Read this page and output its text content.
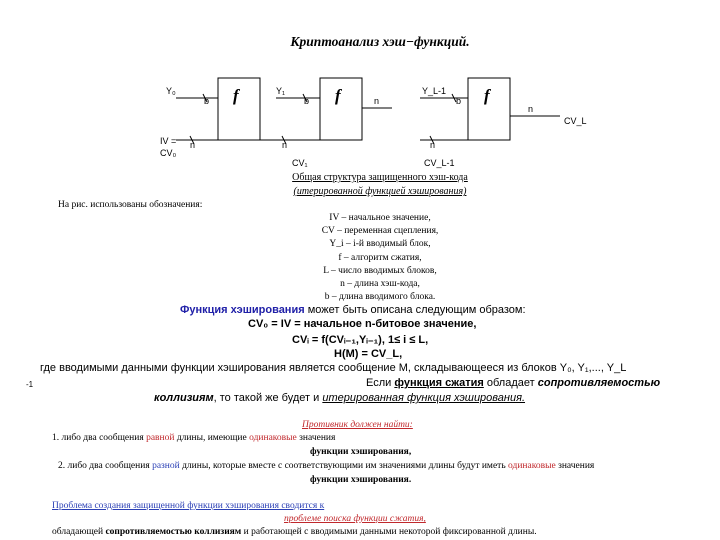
Криптоанализ хэш−функций.
Y₀
b f	Y₁
b f	n
Y_L-1
b f
n
CV_L
IV =
CV₀
n	n
CV₁
n
CV_L-1
Общая структура защищенного хэш-кода
(итерированной функцией хэширования)
На рис. использованы обозначения:
IV – начальное значение,
CV – переменная сцепления,
Y_i – i-й вводимый блок,
f – алгоритм сжатия,
L – число вводимых блоков,
n – длина хэш-кода,
b – длина вводимого блока.
Функция хэширования может быть описана следующим образом:
CV₀ = IV = начальное n-битовое значение,
CVᵢ = f(CVᵢ₋₁,Yᵢ₋₁), 1≤ i ≤ L,
H(M) = CV_L,
где вводимыми данными функции хэширования является сообщение M, складывающееся из блоков Y₀, Y₁,..., Y_L
-1	Если функция сжатия обладает сопротивляемостью
коллизиям, то такой же будет и итерированная функция хэширования.
Противник должен найти:
1. либо два сообщения равной длины, имеющие одинаковые значения
функции хэширования,
2. либо два сообщения разной длины, которые вместе с соответствующими им значениями длины будут иметь одинаковые значения
функции хэширования.
Проблема создания защищенной функции хэширования сводится к
проблеме поиска функции сжатия,
обладающей сопротивляемостью коллизиям и работающей с вводимыми данными некоторой фиксированной длины.
